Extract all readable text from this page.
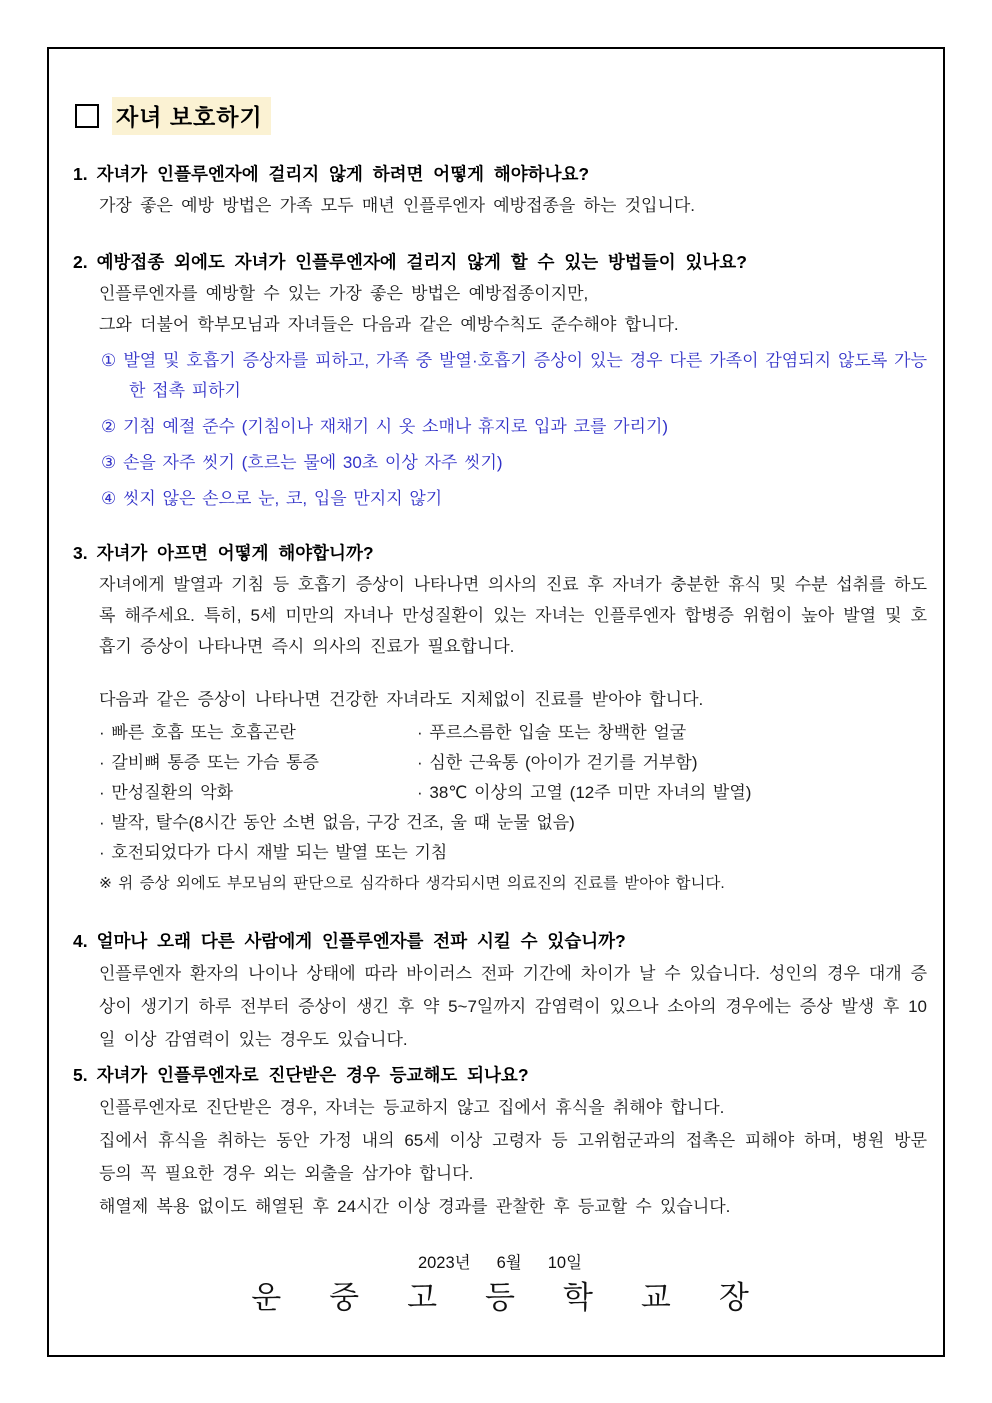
자녀 보호하기
1. 자녀가 인플루엔자에 걸리지 않게 하려면 어떻게 해야하나요?

가장 좋은 예방 방법은 가족 모두 매년 인플루엔자 예방접종을 하는 것입니다.

2. 예방접종 외에도 자녀가 인플루엔자에 걸리지 않게 할 수 있는 방법들이 있나요?

인플루엔자를 예방할 수 있는 가장 좋은 방법은 예방접종이지만,

그와 더불어 학부모님과 자녀들은 다음과 같은 예방수칙도 준수해야 합니다.

① 발열 및 호흡기 증상자를 피하고, 가족 중 발열·호흡기 증상이 있는 경우 다른 가족이 감염되지 않도록 가능한 접촉 피하기

② 기침 예절 준수 (기침이나 재채기 시 옷 소매나 휴지로 입과 코를 가리기)

③ 손을 자주 씻기 (흐르는 물에 30초 이상 자주 씻기)

④ 씻지 않은 손으로 눈, 코, 입을 만지지 않기

3. 자녀가 아프면 어떻게 해야합니까?

자녀에게 발열과 기침 등 호흡기 증상이 나타나면 의사의 진료 후 자녀가 충분한 휴식 및 수분 섭취를 하도록 해주세요. 특히, 5세 미만의 자녀나 만성질환이 있는 자녀는 인플루엔자 합병증 위험이 높아 발열 및 호흡기 증상이 나타나면 즉시 의사의 진료가 필요합니다.

다음과 같은 증상이 나타나면 건강한 자녀라도 지체없이 진료를 받아야 합니다.

· 빠른 호흡 또는 호흡곤란	· 푸르스름한 입술 또는 창백한 얼굴
· 갈비뼈 통증 또는 가슴 통증	· 심한 근육통 (아이가 걷기를 거부함)
· 만성질환의 악화	· 38℃ 이상의 고열 (12주 미만 자녀의 발열)
· 발작, 탈수(8시간 동안 소변 없음, 구강 건조, 울 때 눈물 없음)
· 호전되었다가 다시 재발 되는 발열 또는 기침

※ 위 증상 외에도 부모님의 판단으로 심각하다 생각되시면 의료진의 진료를 받아야 합니다.

4. 얼마나 오래 다른 사람에게 인플루엔자를 전파 시킬 수 있습니까?

인플루엔자 환자의 나이나 상태에 따라 바이러스 전파 기간에 차이가 날 수 있습니다. 성인의 경우 대개 증상이 생기기 하루 전부터 증상이 생긴 후 약 5~7일까지 감염력이 있으나 소아의 경우에는 증상 발생 후 10일 이상 감염력이 있는 경우도 있습니다.

5. 자녀가 인플루엔자로 진단받은 경우 등교해도 되나요?

인플루엔자로 진단받은 경우, 자녀는 등교하지 않고 집에서 휴식을 취해야 합니다.

집에서 휴식을 취하는 동안 가정 내의 65세 이상 고령자 등 고위험군과의 접촉은 피해야 하며, 병원 방문 등의 꼭 필요한 경우 외는 외출을 삼가야 합니다.

해열제 복용 없이도 해열된 후 24시간 이상 경과를 관찰한 후 등교할 수 있습니다.

2023년 6월 10일
운중고등학교장
